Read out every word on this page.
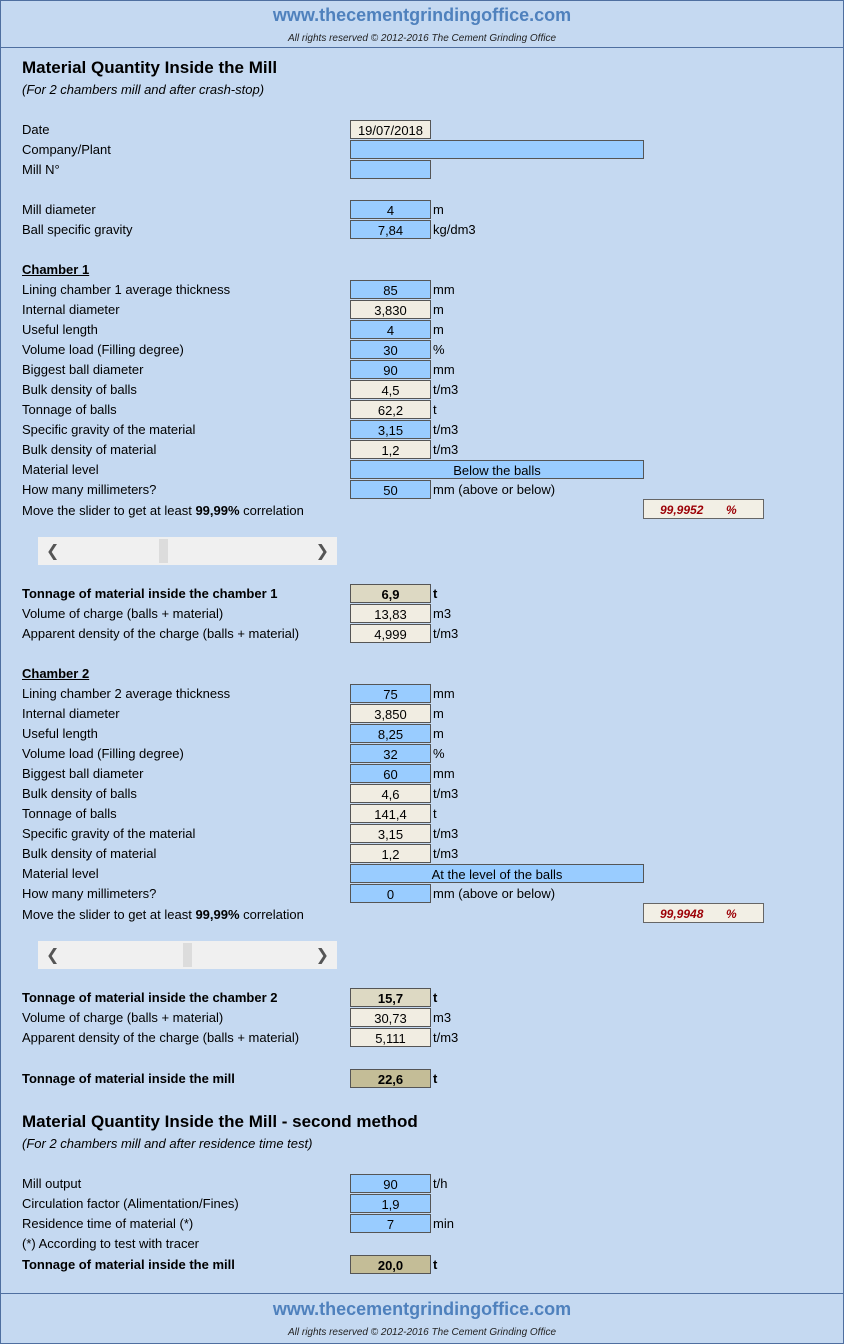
www.thecementgrindingoffice.com
All rights reserved © 2012-2016 The Cement Grinding Office
Material Quantity Inside the Mill
(For 2 chambers mill and after crash-stop)
Date	19/07/2018
Company/Plant
Mill N°
Mill diameter	4	m
Ball specific gravity	7,84	kg/dm3
Chamber 1
Lining chamber 1 average thickness	85	mm
Internal diameter	3,830	m
Useful length	4	m
Volume load (Filling degree)	30	%
Biggest ball diameter	90	mm
Bulk density of balls	4,5	t/m3
Tonnage of balls	62,2	t
Specific gravity of the material	3,15	t/m3
Bulk density of material	1,2	t/m3
Material level	Below the balls
How many millimeters?	50	mm (above or below)
Move the slider to get at least 99,99% correlation	99,9952 %
❮	❯
Tonnage of material inside the chamber 1	6,9	t
Volume of charge (balls + material)	13,83	m3
Apparent density of the charge (balls + material)	4,999	t/m3
Chamber 2
Lining chamber 2 average thickness	75	mm
Internal diameter	3,850	m
Useful length	8,25	m
Volume load (Filling degree)	32	%
Biggest ball diameter	60	mm
Bulk density of balls	4,6	t/m3
Tonnage of balls	141,4	t
Specific gravity of the material	3,15	t/m3
Bulk density of material	1,2	t/m3
Material level	At the level of the balls
How many millimeters?	0	mm (above or below)
Move the slider to get at least 99,99% correlation	99,9948 %
❮	❯
Tonnage of material inside the chamber 2	15,7	t
Volume of charge (balls + material)	30,73	m3
Apparent density of the charge (balls + material)	5,111	t/m3
Tonnage of material inside the mill	22,6	t
Material Quantity Inside the Mill - second method
(For 2 chambers mill and after residence time test)
Mill output	90	t/h
Circulation factor (Alimentation/Fines)	1,9
Residence time of material (*)	7	min
(*) According to test with tracer
Tonnage of material inside the mill	20,0	t
www.thecementgrindingoffice.com
All rights reserved © 2012-2016 The Cement Grinding Office
